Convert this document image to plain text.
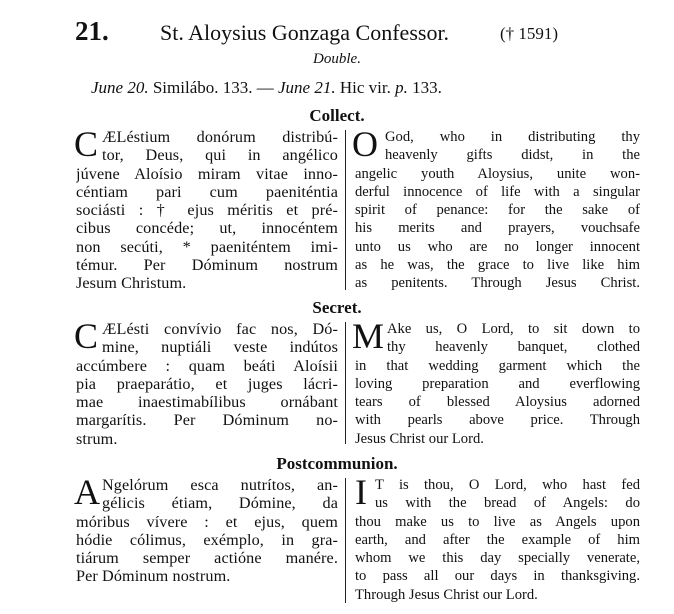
21. St. Aloysius Gonzaga Confessor.	(† 1591)
Double.
June 20. Similábo. 133. — June 21. Hic vir. p. 133.
Collect.
C ÆLéstium donórum distribú-
tor, Deus, qui in angélico
júvene Aloísio miram vitae inno-
céntiam pari cum paeniténtia
sociásti : † ejus méritis et pré-
cibus concéde; ut, innocéntem
non secúti, * paeniténtem imi-
témur. Per Dóminum nostrum
Jesum Christum.
O God, who in distributing thy
heavenly gifts didst, in the
angelic youth Aloysius, unite won-
derful innocence of life with a singular
spirit of penance: for the sake of
his merits and prayers, vouchsafe
unto us who are no longer innocent
as he was, the grace to live like him
as penitents. Through Jesus Christ.
Secret.
C ÆLésti convívio fac nos, Dó-
mine, nuptiáli veste indútos
accúmbere : quam beáti Aloísii
pia praeparátio, et juges lácri-
mae inaestimabílibus ornábant
margarítis. Per Dóminum no-
strum.
M Ake us, O Lord, to sit down to
thy heavenly banquet, clothed
in that wedding garment which the
loving preparation and everflowing
tears of blessed Aloysius adorned
with pearls above price. Through
Jesus Christ our Lord.
Postcommunion.
A Ngelórum esca nutrítos, an-
gélicis étiam, Dómine, da
móribus vívere : et ejus, quem
hódie cólimus, exémplo, in gra-
tiárum semper actióne manére.
Per Dóminum nostrum.
I T is thou, O Lord, who hast fed
us with the bread of Angels: do
thou make us to live as Angels upon
earth, and after the example of him
whom we this day specially venerate,
to pass all our days in thanksgiving.
Through Jesus Christ our Lord.
